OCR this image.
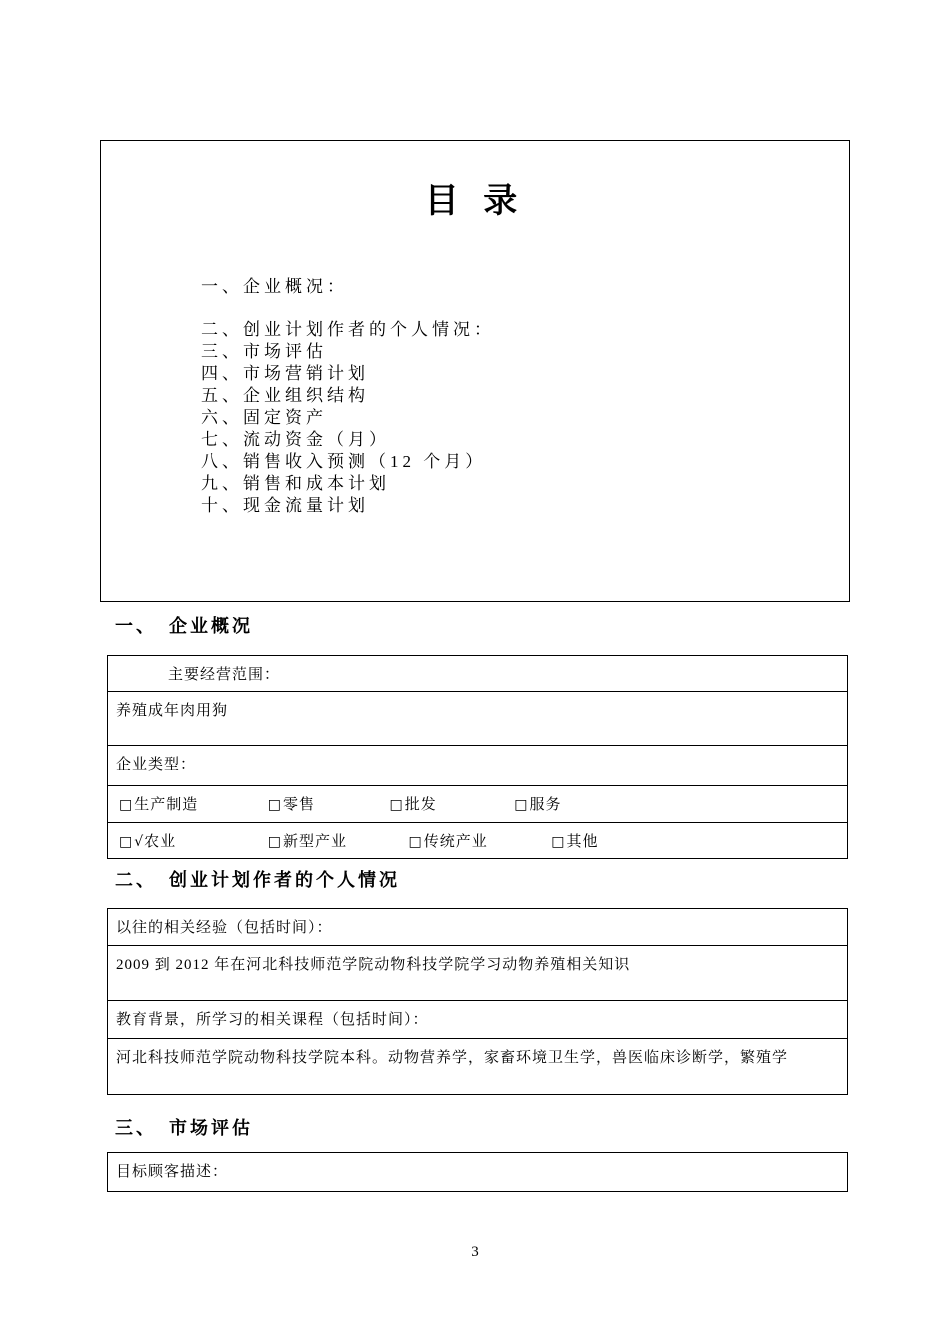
目 录
一、企业概况：
二、创业计划作者的个人情况：
三、市场评估
四、市场营销计划
五、企业组织结构
六、固定资产
七、流动资金（月）
八、销售收入预测（12 个月）
九、销售和成本计划
十、现金流量计划
一、　企业概况
主要经营范围：
养殖成年肉用狗
企业类型：
□生产制造	□零售	□批发	□服务
□√农业	□新型产业	□传统产业	□其他
二、　创业计划作者的个人情况
以往的相关经验（包括时间）：
2009 到 2012 年在河北科技师范学院动物科技学院学习动物养殖相关知识
教育背景，所学习的相关课程（包括时间）：
河北科技师范学院动物科技学院本科。动物营养学，家畜环境卫生学，兽医临床诊断学，繁殖学
三、　市场评估
目标顾客描述：
3
